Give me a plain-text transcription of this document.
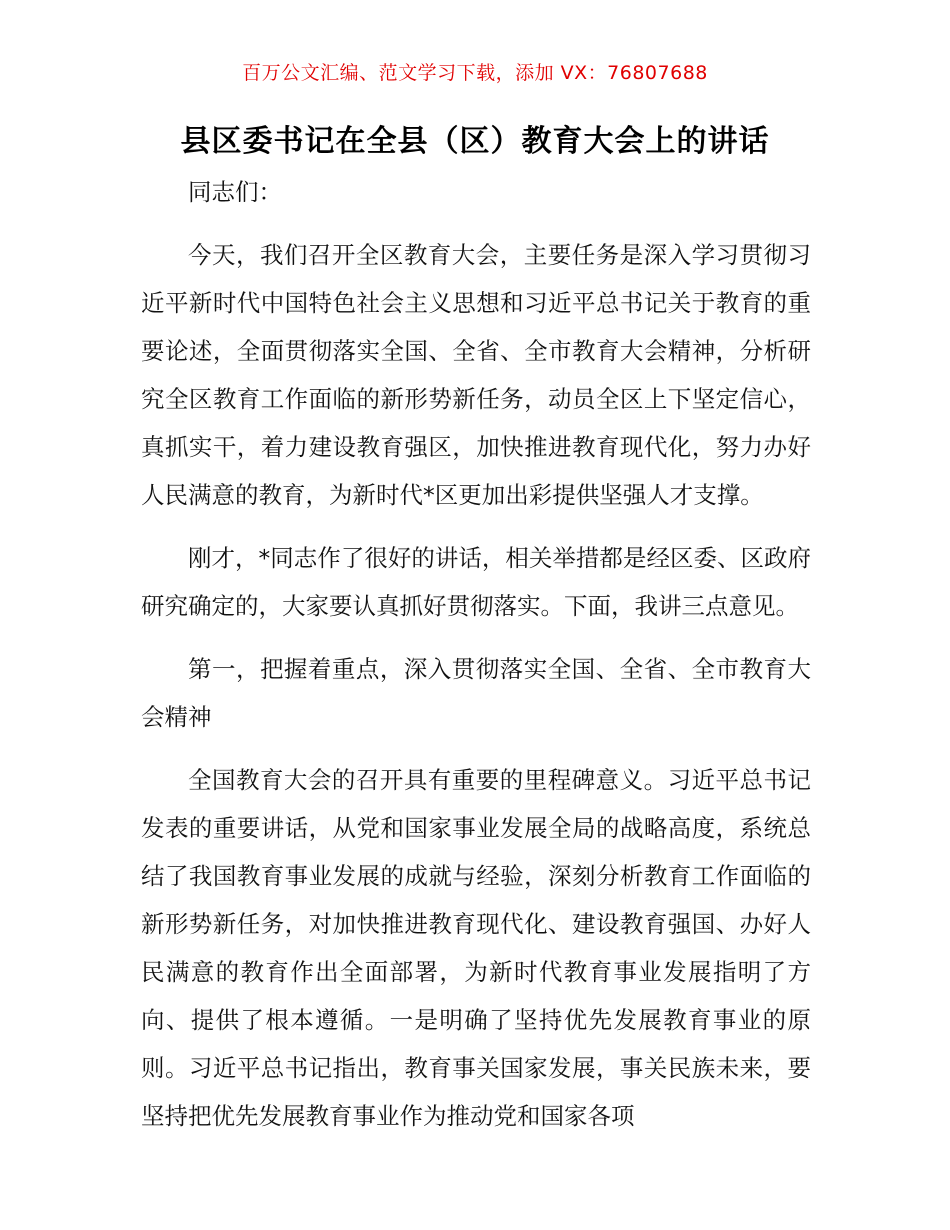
百万公文汇编、范文学习下载，添加 VX：76807688
县区委书记在全县（区）教育大会上的讲话

同志们：

今天，我们召开全区教育大会，主要任务是深入学习贯彻习近平新时代中国特色社会主义思想和习近平总书记关于教育的重要论述，全面贯彻落实全国、全省、全市教育大会精神，分析研究全区教育工作面临的新形势新任务，动员全区上下坚定信心，真抓实干，着力建设教育强区，加快推进教育现代化，努力办好人民满意的教育，为新时代*区更加出彩提供坚强人才支撑。

刚才，*同志作了很好的讲话，相关举措都是经区委、区政府研究确定的，大家要认真抓好贯彻落实。下面，我讲三点意见。

第一，把握着重点，深入贯彻落实全国、全省、全市教育大会精神

全国教育大会的召开具有重要的里程碑意义。习近平总书记发表的重要讲话，从党和国家事业发展全局的战略高度，系统总结了我国教育事业发展的成就与经验，深刻分析教育工作面临的新形势新任务，对加快推进教育现代化、建设教育强国、办好人民满意的教育作出全面部署，为新时代教育事业发展指明了方向、提供了根本遵循。一是明确了坚持优先发展教育事业的原则。习近平总书记指出，教育事关国家发展，事关民族未来，要坚持把优先发展教育事业作为推动党和国家各项
